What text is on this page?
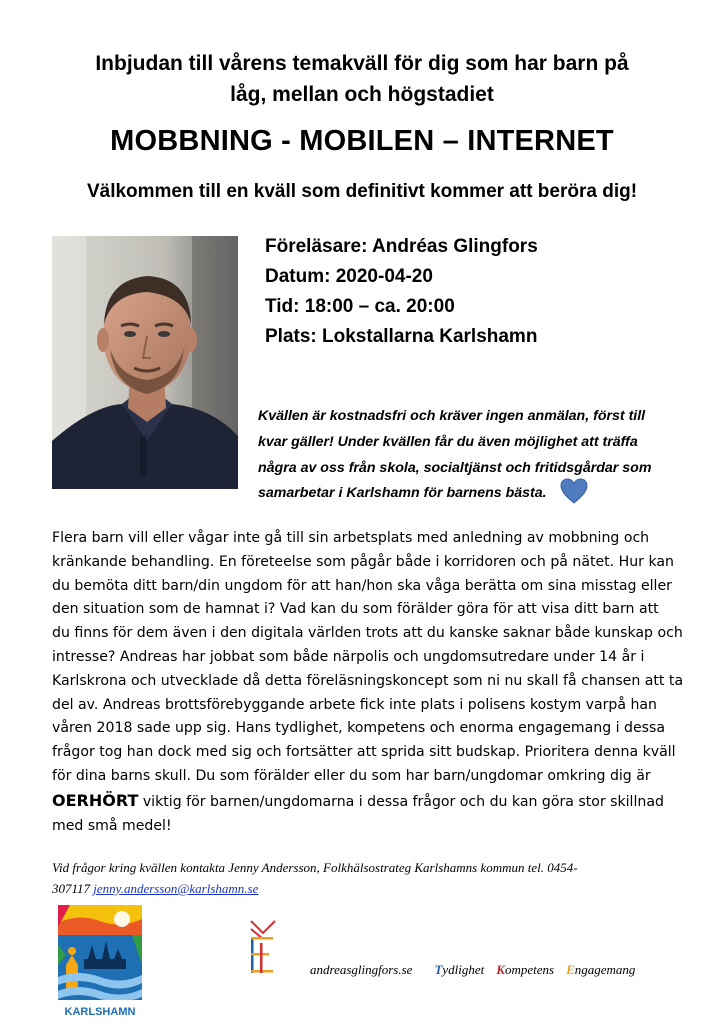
Inbjudan till vårens temakväll för dig som har barn på
låg, mellan och högstadiet
MOBBNING - MOBILEN – INTERNET
Välkommen till en kväll som definitivt kommer att beröra dig!
Föreläsare: Andréas Glingfors
Datum: 2020-04-20
Tid: 18:00 – ca. 20:00
Plats: Lokstallarna Karlshamn
Kvällen är kostnadsfri och kräver ingen anmälan, först till
kvar gäller! Under kvällen får du även möjlighet att träffa
några av oss från skola, socialtjänst och fritidsgårdar som
samarbetar i Karlshamn för barnens bästa.
Flera barn vill eller vågar inte gå till sin arbetsplats med anledning av mobbning och
kränkande behandling. En företeelse som pågår både i korridoren och på nätet. Hur kan
du bemöta ditt barn/din ungdom för att han/hon ska våga berätta om sina misstag eller
den situation som de hamnat i? Vad kan du som förälder göra för att visa ditt barn att
du finns för dem även i den digitala världen trots att du kanske saknar både kunskap och
intresse? Andreas har jobbat som både närpolis och ungdomsutredare under 14 år i
Karlskrona och utvecklade då detta föreläsningskoncept som ni nu skall få chansen att ta
del av. Andreas brottsförebyggande arbete fick inte plats i polisens kostym varpå han
våren 2018 sade upp sig. Hans tydlighet, kompetens och enorma engagemang i dessa
frågor tog han dock med sig och fortsätter att sprida sitt budskap. Prioritera denna kväll
för dina barns skull. Du som förälder eller du som har barn/ungdomar omkring dig är
OERHÖRT viktig för barnen/ungdomarna i dessa frågor och du kan göra stor skillnad
med små medel!
Vid frågor kring kvällen kontakta Jenny Andersson, Folkhälsostrateg Karlshamns kommun tel. 0454-
307117 jenny.andersson@karlshamn.se
KARLSHAMN
andreasglingfors.se Tydlighet Kompetens Engagemang
